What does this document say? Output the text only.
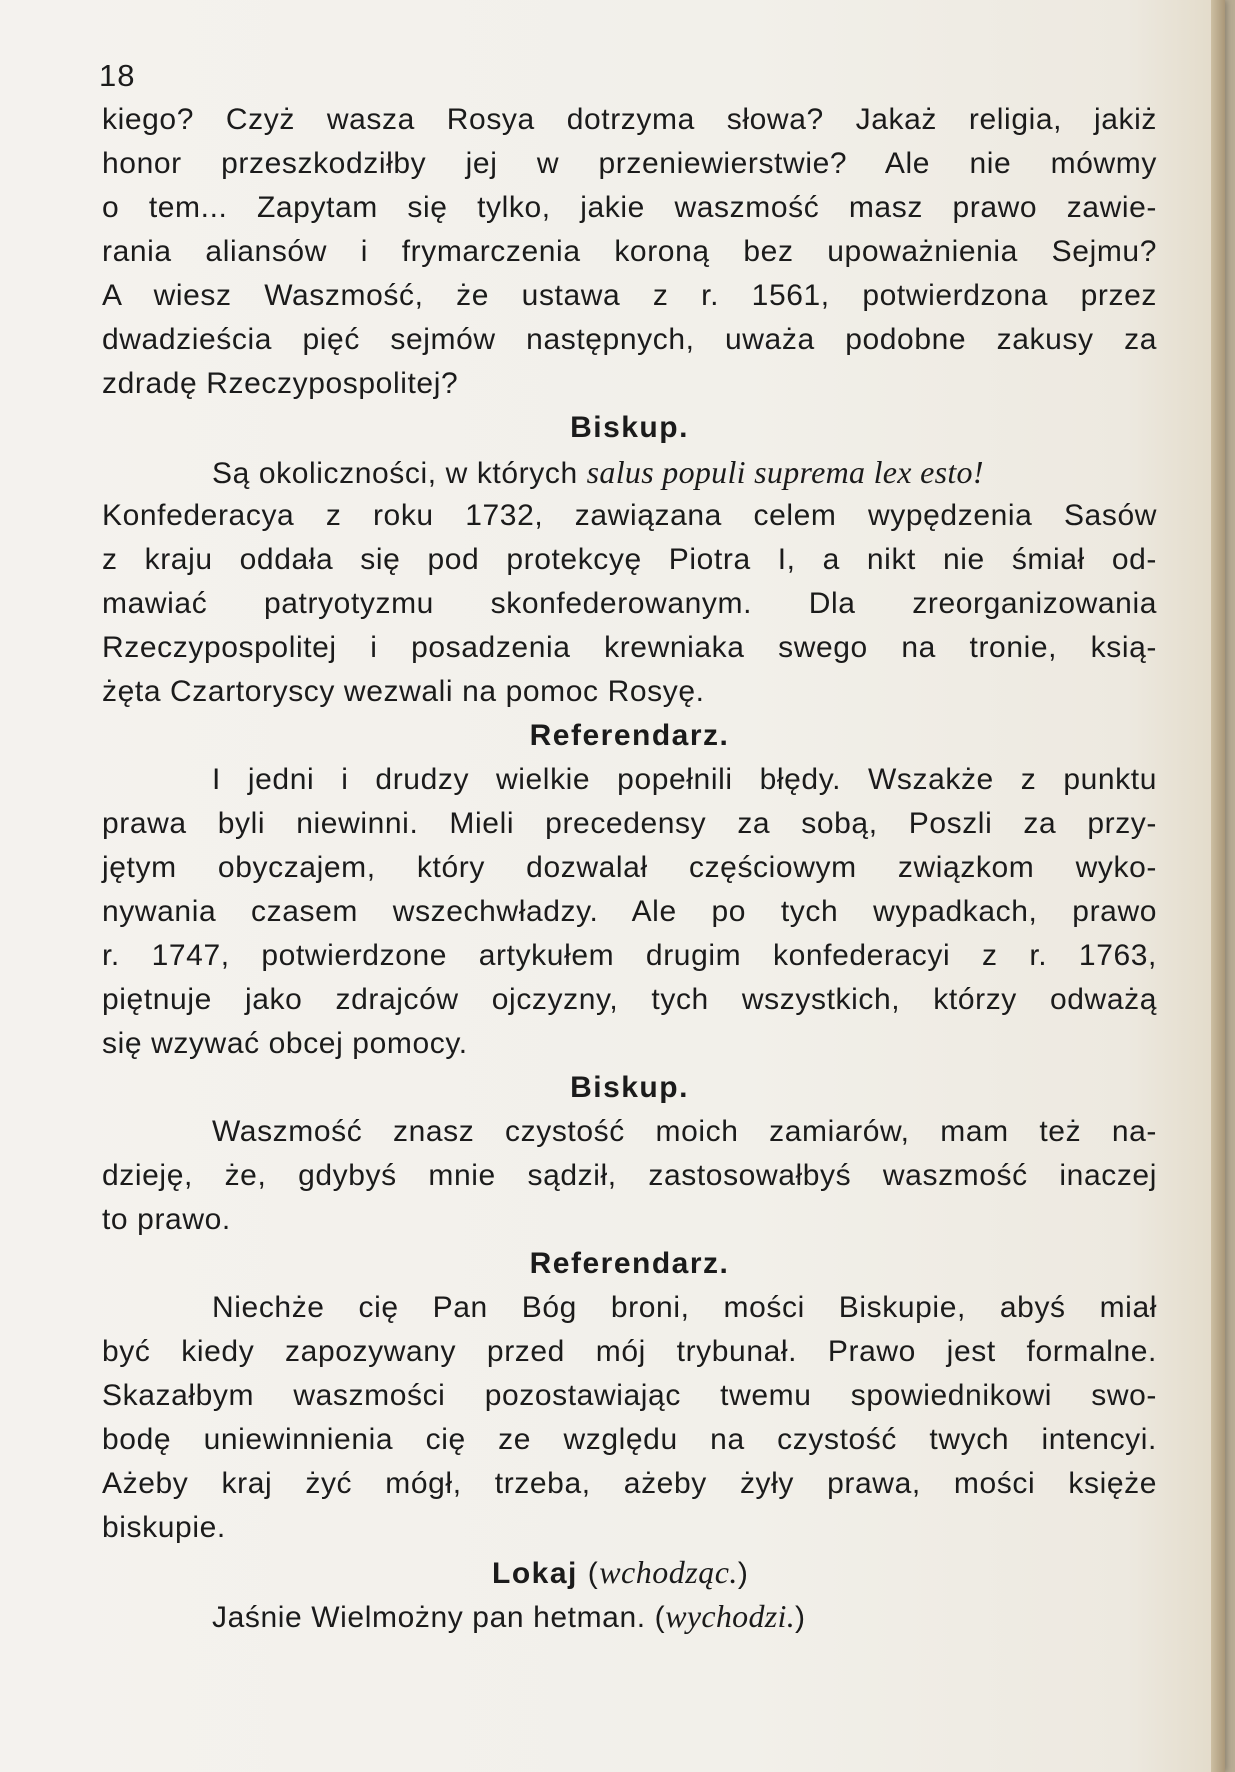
18
kiego? Czyż wasza Rosya dotrzyma słowa? Jakaż religia, jakiż
honor przeszkodziłby jej w przeniewierstwie? Ale nie mówmy
o tem... Zapytam się tylko, jakie waszmość masz prawo zawie-
rania aliansów i frymarczenia koroną bez upoważnienia Sejmu?
A wiesz Waszmość, że ustawa z r. 1561, potwierdzona przez
dwadzieścia pięć sejmów następnych, uważa podobne zakusy za
zdradę Rzeczypospolitej?
Biskup.
Są okoliczności, w których salus populi suprema lex esto!
Konfederacya z roku 1732, zawiązana celem wypędzenia Sasów
z kraju oddała się pod protekcyę Piotra I, a nikt nie śmiał od-
mawiać patryotyzmu skonfederowanym. Dla zreorganizowania
Rzeczypospolitej i posadzenia krewniaka swego na tronie, ksią-
żęta Czartoryscy wezwali na pomoc Rosyę.
Referendarz.
I jedni i drudzy wielkie popełnili błędy. Wszakże z punktu
prawa byli niewinni. Mieli precedensy za sobą, Poszli za przy-
jętym obyczajem, który dozwalał częściowym związkom wyko-
nywania czasem wszechwładzy. Ale po tych wypadkach, prawo
r. 1747, potwierdzone artykułem drugim konfederacyi z r. 1763,
piętnuje jako zdrajców ojczyzny, tych wszystkich, którzy odważą
się wzywać obcej pomocy.
Biskup.
Waszmość znasz czystość moich zamiarów, mam też na-
dzieję, że, gdybyś mnie sądził, zastosowałbyś waszmość inaczej
to prawo.
Referendarz.
Niechże cię Pan Bóg broni, mości Biskupie, abyś miał
być kiedy zapozywany przed mój trybunał. Prawo jest formalne.
Skazałbym waszmości pozostawiając twemu spowiednikowi swo-
bodę uniewinnienia cię ze względu na czystość twych intencyi.
Ażeby kraj żyć mógł, trzeba, ażeby żyły prawa, mości księże
biskupie.
Lokaj (wchodząc.)
Jaśnie Wielmożny pan hetman. (wychodzi.)
